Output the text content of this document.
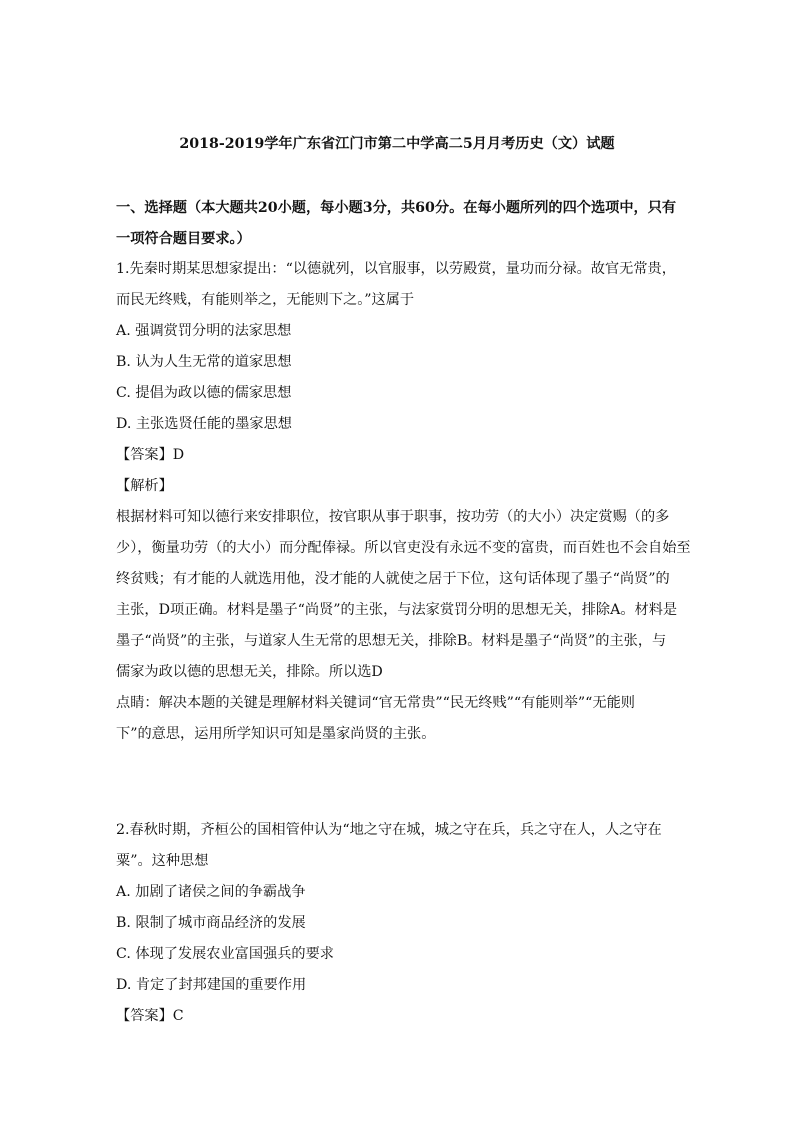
2018-2019学年广东省江门市第二中学高二5月月考历史（文）试题
一、选择题（本大题共20小题，每小题3分，共60分。在每小题所列的四个选项中，只有
一项符合题目要求。）
1.先秦时期某思想家提出：“以德就列，以官服事，以劳殿赏，量功而分禄。故官无常贵，
而民无终贱，有能则举之，无能则下之。”这属于
A. 强调赏罚分明的法家思想
B. 认为人生无常的道家思想
C. 提倡为政以德的儒家思想
D. 主张选贤任能的墨家思想
【答案】D
【解析】
根据材料可知以德行来安排职位，按官职从事于职事，按功劳（的大小）决定赏赐（的多
少），衡量功劳（的大小）而分配俸禄。所以官吏没有永远不变的富贵，而百姓也不会自始至
终贫贱；有才能的人就选用他，没才能的人就使之居于下位，这句话体现了墨子“尚贤”的
主张，D项正确。材料是墨子“尚贤”的主张，与法家赏罚分明的思想无关，排除A。材料是
墨子“尚贤”的主张，与道家人生无常的思想无关，排除B。材料是墨子“尚贤”的主张，与
儒家为政以德的思想无关，排除。所以选D
点睛：解决本题的关键是理解材料关键词“官无常贵”“民无终贱”“有能则举”“无能则
下”的意思，运用所学知识可知是墨家尚贤的主张。
2.春秋时期，齐桓公的国相管仲认为“地之守在城，城之守在兵，兵之守在人，人之守在
粟”。这种思想
A. 加剧了诸侯之间的争霸战争
B. 限制了城市商品经济的发展
C. 体现了发展农业富国强兵的要求
D. 肯定了封邦建国的重要作用
【答案】C
